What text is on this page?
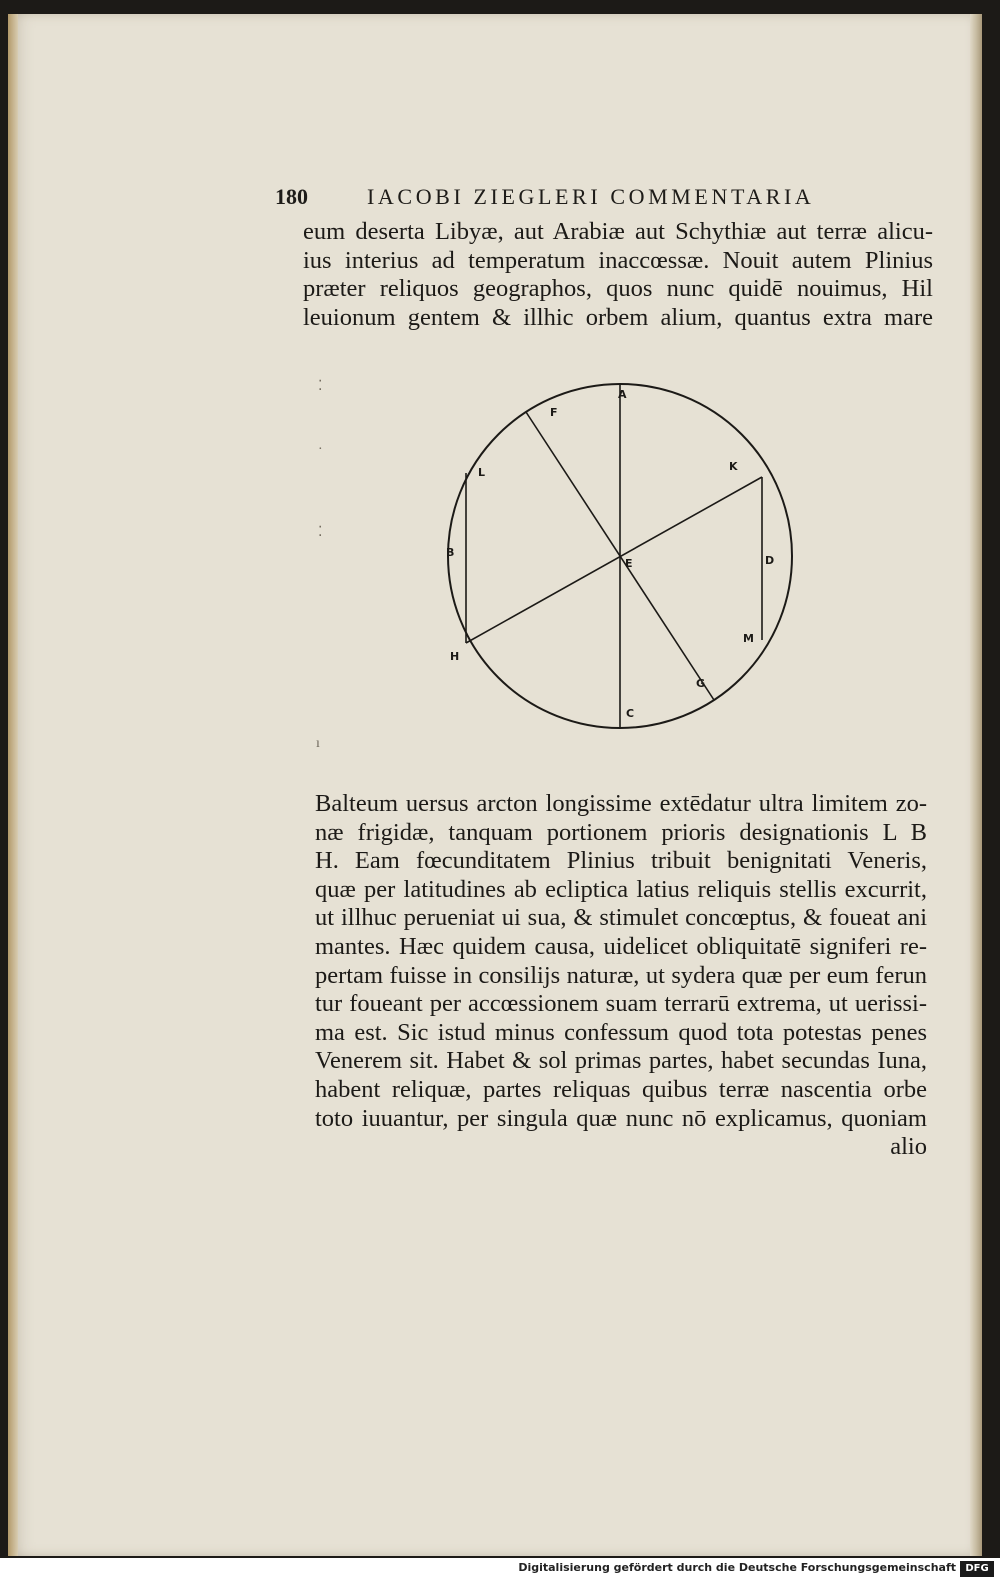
180	IACOBI ZIEGLERI COMMENTARIA
eum deserta Libyæ, aut Arabiæ aut Schythiæ aut terræ alicu-
ius interius ad temperatum inaccœssæ. Nouit autem Plinius
præter reliquos geographos, quos nunc quidē nouimus, Hil
leuionum gentem & illhic orbem alium, quantus extra mare
A
F
K
L
B
E	D
M
H
G
C
⁚
·
⁚
ı
Balteum uersus arcton longissime extēdatur ultra limitem zo-
næ frigidæ, tanquam portionem prioris designationis L B
H. Eam fœcunditatem Plinius tribuit benignitati Veneris,
quæ per latitudines ab ecliptica latius reliquis stellis excurrit,
ut illhuc perueniat ui sua, & stimulet concœptus, & foueat ani
mantes. Hæc quidem causa, uidelicet obliquitatē signiferi re-
pertam fuisse in consilijs naturæ, ut sydera quæ per eum ferun
tur foueant per accœssionem suam terrarū extrema, ut uerissi-
ma est. Sic istud minus confessum quod tota potestas penes
Venerem sit. Habet & sol primas partes, habet secundas Iuna,
habent reliquæ, partes reliquas quibus terræ nascentia orbe
toto iuuantur, per singula quæ nunc nō explicamus, quoniam
alio
Digitalisierung gefördert durch die Deutsche Forschungsgemeinschaft DFG
